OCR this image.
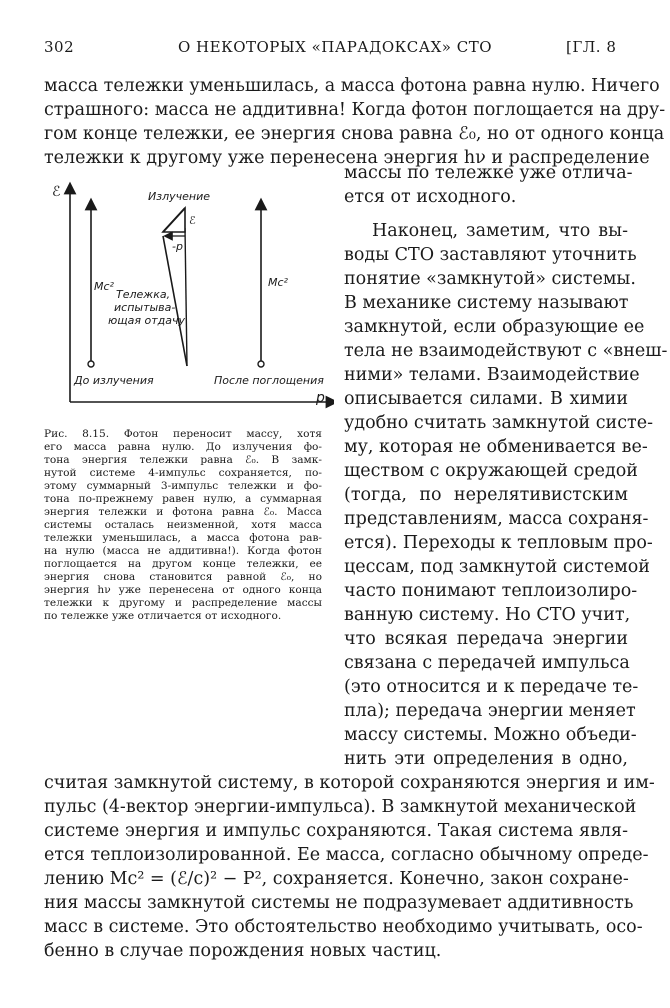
302	О НЕКОТОРЫХ «ПАРАДОКСАХ» СТО	[ГЛ. 8
масса тележки уменьшилась, а масса фотона равна нулю. Ничего
страшного: масса не аддитивна! Когда фотон поглощается на дру-
гом конце тележки, ее энергия снова равна ℰ₀, но от одного конца
тележки к другому уже перенесена энергия hν и распределение
ℰ
p
Mc²	Mc²
Излучение
ℰ
-p
Тележка, испытыва- ющая отдачу
До излучения	После поглощения
массы по тележке уже отлича-
ется от исходного.
Наконец, заметим, что вы-
воды СТО заставляют уточнить
понятие «замкнутой» системы.
В механике систему называют
замкнутой, если образующие ее
тела не взаимодействуют с «внеш-
ними» телами. Взаимодействие
описывается силами. В химии
удобно считать замкнутой систе-
му, которая не обменивается ве-
ществом с окружающей средой
(тогда, по нерелятивистским
представлениям, масса сохраня-
ется). Переходы к тепловым про-
цессам, под замкнутой системой
часто понимают теплоизолиро-
ванную систему. Но СТО учит,
что всякая передача энергии
связана с передачей импульса
(это относится и к передаче те-
пла); передача энергии меняет
массу системы. Можно объеди-
нить эти определения в одно,
Рис. 8.15. Фотон переносит массу, хотя
его масса равна нулю. До излучения фо-
тона энергия тележки равна ℰ₀. В замк-
нутой системе 4-импульс сохраняется, по-
этому суммарный 3-импульс тележки и фо-
тона по-прежнему равен нулю, а суммарная
энергия тележки и фотона равна ℰ₀. Масса
системы осталась неизменной, хотя масса
тележки уменьшилась, а масса фотона рав-
на нулю (масса не аддитивна!). Когда фотон
поглощается на другом конце тележки, ее
энергия снова становится равной ℰ₀, но
энергия hν уже перенесена от одного конца
тележки к другому и распределение массы
по тележке уже отличается от исходного.
считая замкнутой систему, в которой сохраняются энергия и им-
пульс (4-вектор энергии-импульса). В замкнутой механической
системе энергия и импульс сохраняются. Такая система явля-
ется теплоизолированной. Ее масса, согласно обычному опреде-
лению Mc² = (ℰ/c)² − P², сохраняется. Конечно, закон сохране-
ния массы замкнутой системы не подразумевает аддитивность
масс в системе. Это обстоятельство необходимо учитывать, осо-
бенно в случае порождения новых частиц.
